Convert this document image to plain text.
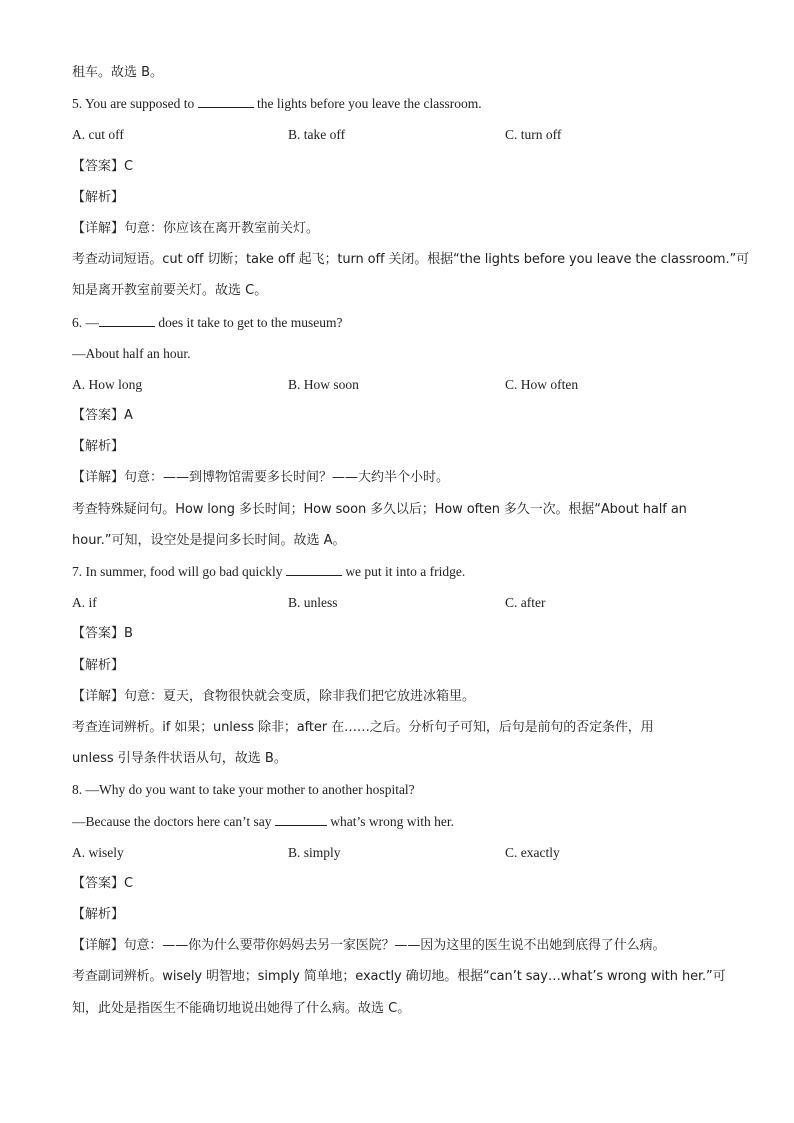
租车。故选 B。
5. You are supposed to	the lights before you leave the classroom.
A. cut off	B. take off	C. turn off
【答案】C
【解析】
【详解】句意：你应该在离开教室前关灯。
考查动词短语。cut off 切断；take off 起飞；turn off 关闭。根据“the lights before you leave the classroom.”可
知是离开教室前要关灯。故选 C。
6. —	does it take to get to the museum?
—About half an hour.
A. How long	B. How soon	C. How often
【答案】A
【解析】
【详解】句意：——到博物馆需要多长时间？——大约半个小时。
考查特殊疑问句。How long 多长时间；How soon 多久以后；How often 多久一次。根据“About half an
hour.”可知，设空处是提问多长时间。故选 A。
7. In summer, food will go bad quickly	we put it into a fridge.
A. if	B. unless	C. after
【答案】B
【解析】
【详解】句意：夏天，食物很快就会变质，除非我们把它放进冰箱里。
考查连词辨析。if 如果；unless 除非；after 在……之后。分析句子可知，后句是前句的否定条件，用
unless 引导条件状语从句，故选 B。
8. —Why do you want to take your mother to another hospital?
—Because the doctors here can’t say	what’s wrong with her.
A. wisely	B. simply	C. exactly
【答案】C
【解析】
【详解】句意：——你为什么要带你妈妈去另一家医院？——因为这里的医生说不出她到底得了什么病。
考查副词辨析。wisely 明智地；simply 简单地；exactly 确切地。根据“can’t say…what’s wrong with her.”可
知，此处是指医生不能确切地说出她得了什么病。故选 C。
